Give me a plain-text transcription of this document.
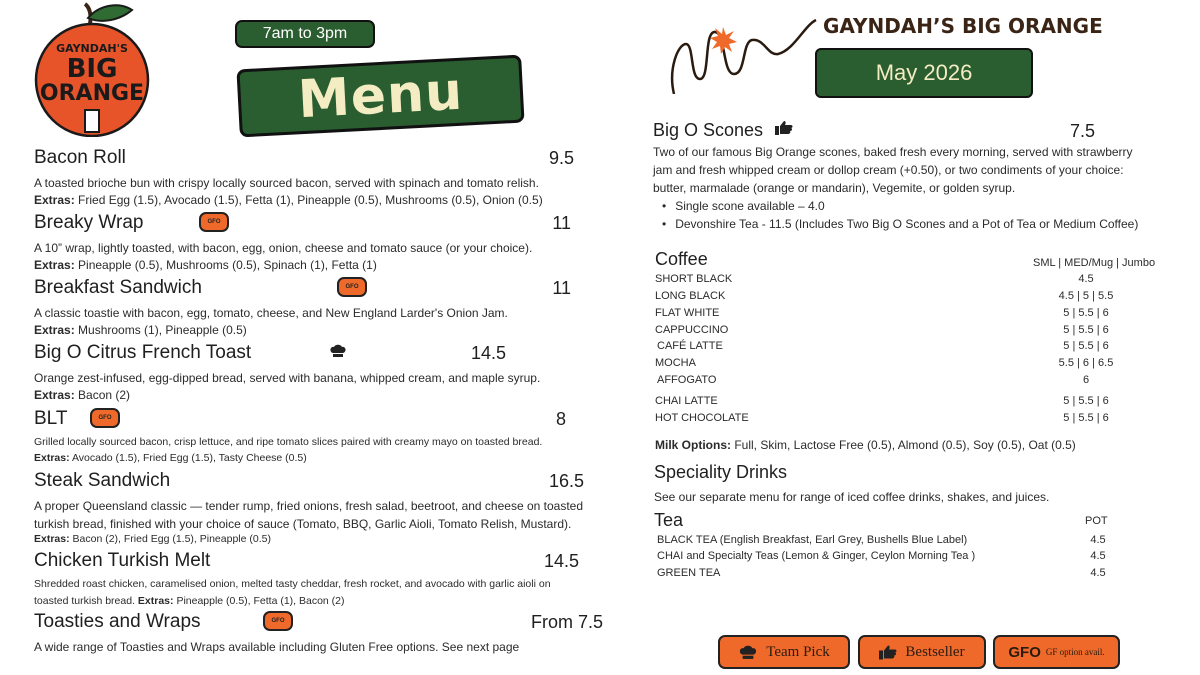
GAYNDAH'S
BIG
ORANGE
7am to 3pm
Menu
Bacon Roll	9.5
A toasted brioche bun with crispy locally sourced bacon, served with spinach and tomato relish.
Extras: Fried Egg (1.5), Avocado (1.5), Fetta (1), Pineapple (0.5), Mushrooms (0.5), Onion (0.5)
Breaky Wrap	GFO	11
A 10” wrap, lightly toasted, with bacon, egg, onion, cheese and tomato sauce (or your choice).
Extras: Pineapple (0.5), Mushrooms (0.5), Spinach (1), Fetta (1)
Breakfast Sandwich	GFO	11
A classic toastie with bacon, egg, tomato, cheese, and New England Larder's Onion Jam.
Extras: Mushrooms (1), Pineapple (0.5)
Big O Citrus French Toast	14.5
Orange zest-infused, egg-dipped bread, served with banana, whipped cream, and maple syrup.
Extras: Bacon (2)
BLT	GFO	8
Grilled locally sourced bacon, crisp lettuce, and ripe tomato slices paired with creamy mayo on toasted bread.
Extras: Avocado (1.5), Fried Egg (1.5), Tasty Cheese (0.5)
Steak Sandwich	16.5
A proper Queensland classic — tender rump, fried onions, fresh salad, beetroot, and cheese on toasted
turkish bread, finished with your choice of sauce (Tomato, BBQ, Garlic Aioli, Tomato Relish, Mustard).
Extras: Bacon (2), Fried Egg (1.5), Pineapple (0.5)
Chicken Turkish Melt	14.5
Shredded roast chicken, caramelised onion, melted tasty cheddar, fresh rocket, and avocado with garlic aioli on
toasted turkish bread. Extras: Pineapple (0.5), Fetta (1), Bacon (2)
Toasties and Wraps	GFO	From 7.5
A wide range of Toasties and Wraps available including Gluten Free options. See next page
GAYNDAH’S BIG ORANGE
May 2026
Big O Scones	7.5
Two of our famous Big Orange scones, baked fresh every morning, served with strawberry
jam and fresh whipped cream or dollop cream (+0.50), or two condiments of your choice:
butter, marmalade (orange or mandarin), Vegemite, or golden syrup.
• Single scone available – 4.0
• Devonshire Tea - 11.5 (Includes Two Big O Scones and a Pot of Tea or Medium Coffee)
Coffee	SML | MED/Mug | Jumbo
SHORT BLACK	4.5
LONG BLACK	4.5 | 5 | 5.5
FLAT WHITE	5 | 5.5 | 6
CAPPUCCINO	5 | 5.5 | 6
CAFÉ LATTE	5 | 5.5 | 6
MOCHA	5.5 | 6 | 6.5
AFFOGATO	6
CHAI LATTE	5 | 5.5 | 6
HOT CHOCOLATE	5 | 5.5 | 6
Milk Options: Full, Skim, Lactose Free (0.5), Almond (0.5), Soy (0.5), Oat (0.5)
Speciality Drinks
See our separate menu for range of iced coffee drinks, shakes, and juices.
Tea	POT
BLACK TEA (English Breakfast, Earl Grey, Bushells Blue Label)	4.5
CHAI and Specialty Teas (Lemon & Ginger, Ceylon Morning Tea )	4.5
GREEN TEA	4.5
Team Pick	Bestseller	GFO GF option avail.
